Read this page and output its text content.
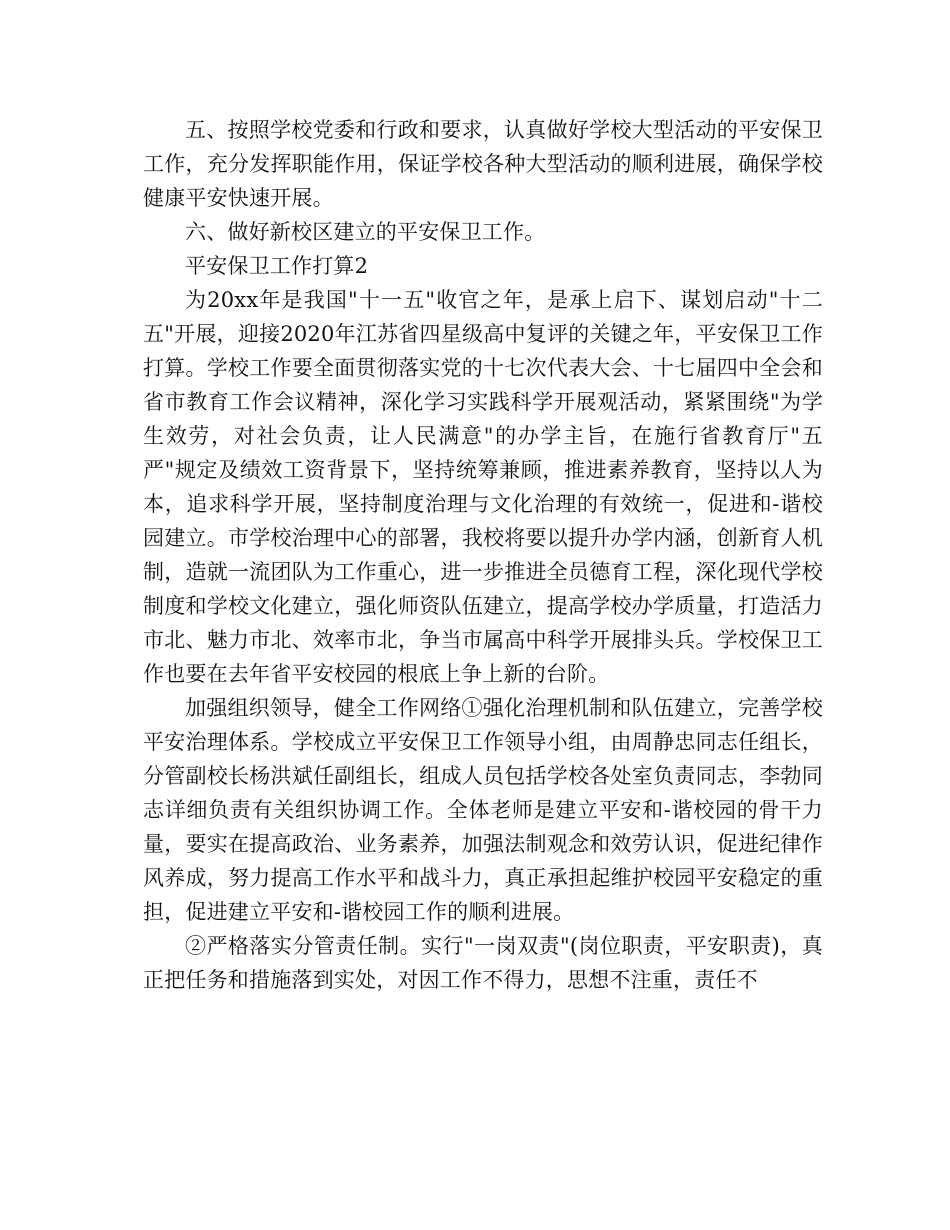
五、按照学校党委和行政和要求，认真做好学校大型活动的平安保卫工作，充分发挥职能作用，保证学校各种大型活动的顺利进展，确保学校健康平安快速开展。

六、做好新校区建立的平安保卫工作。

平安保卫工作打算2

为20xx年是我国"十一五"收官之年，是承上启下、谋划启动"十二五"开展，迎接2020年江苏省四星级高中复评的关键之年，平安保卫工作打算。学校工作要全面贯彻落实党的十七次代表大会、十七届四中全会和省市教育工作会议精神，深化学习实践科学开展观活动，紧紧围绕"为学生效劳，对社会负责，让人民满意"的办学主旨，在施行省教育厅"五严"规定及绩效工资背景下，坚持统筹兼顾，推进素养教育，坚持以人为本，追求科学开展，坚持制度治理与文化治理的有效统一，促进和-谐校园建立。市学校治理中心的部署，我校将要以提升办学内涵，创新育人机制，造就一流团队为工作重心，进一步推进全员德育工程，深化现代学校制度和学校文化建立，强化师资队伍建立，提高学校办学质量，打造活力市北、魅力市北、效率市北，争当市属高中科学开展排头兵。学校保卫工作也要在去年省平安校园的根底上争上新的台阶。

加强组织领导，健全工作网络①强化治理机制和队伍建立，完善学校平安治理体系。学校成立平安保卫工作领导小组，由周静忠同志任组长，分管副校长杨洪斌任副组长，组成人员包括学校各处室负责同志，李勃同志详细负责有关组织协调工作。全体老师是建立平安和-谐校园的骨干力量，要实在提高政治、业务素养，加强法制观念和效劳认识，促进纪律作风养成，努力提高工作水平和战斗力，真正承担起维护校园平安稳定的重担，促进建立平安和-谐校园工作的顺利进展。

②严格落实分管责任制。实行"一岗双责"(岗位职责，平安职责)，真正把任务和措施落到实处，对因工作不得力，思想不注重，责任不
